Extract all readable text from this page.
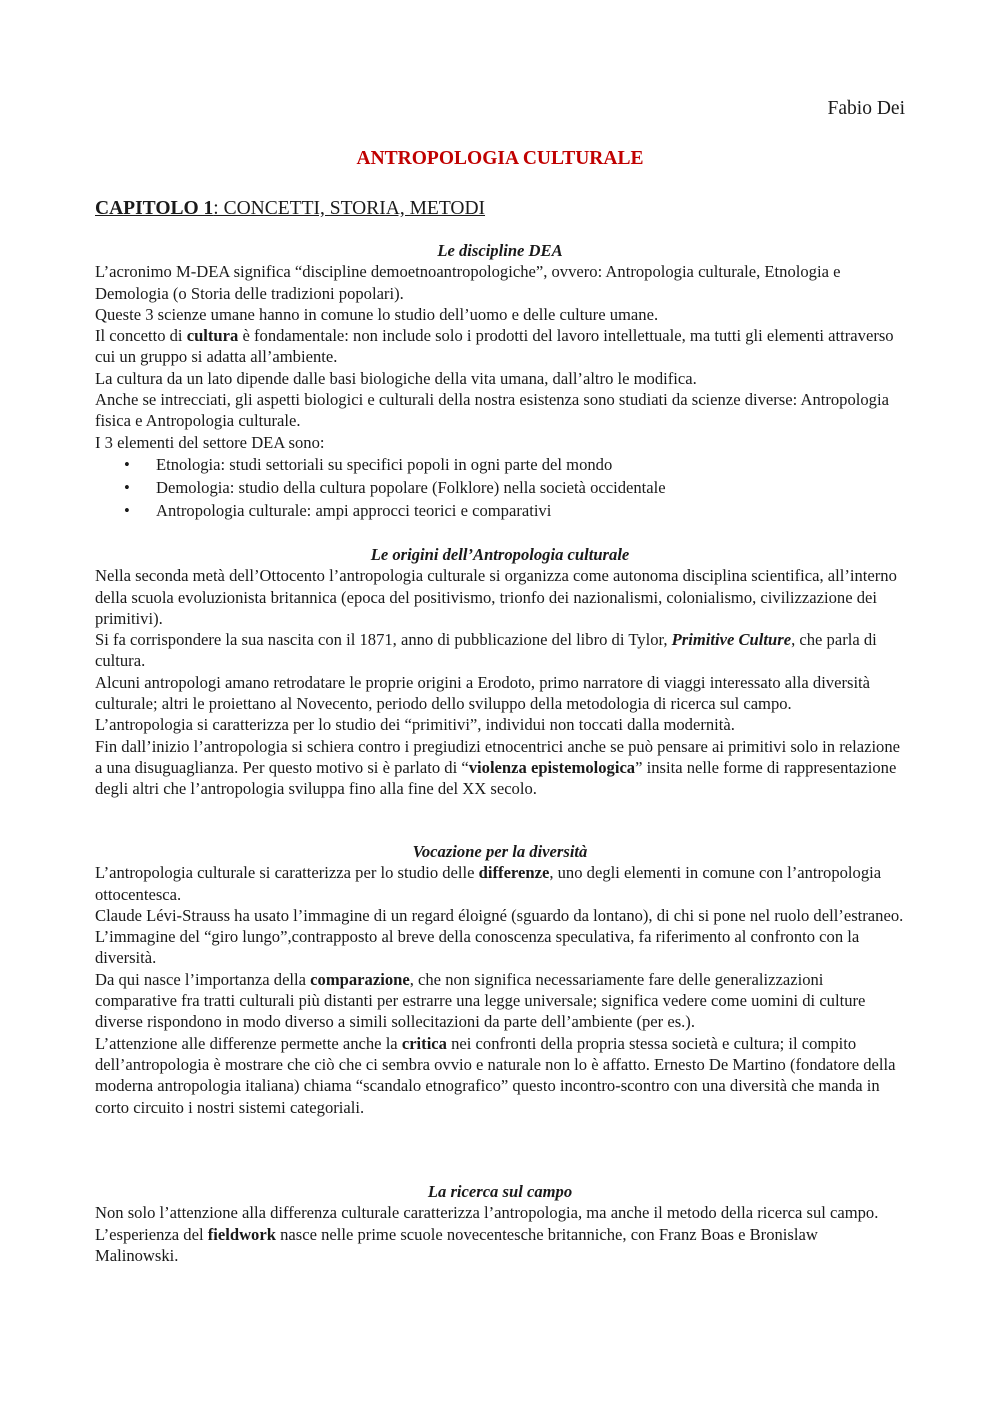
Fabio Dei
ANTROPOLOGIA CULTURALE
CAPITOLO 1: CONCETTI, STORIA, METODI

Le discipline DEA

L’acronimo M-DEA significa “discipline demoetnoantropologiche”, ovvero: Antropologia culturale, Etnologia e Demologia (o Storia delle tradizioni popolari).

Queste 3 scienze umane hanno in comune lo studio dell’uomo e delle culture umane.

Il concetto di cultura è fondamentale: non include solo i prodotti del lavoro intellettuale, ma tutti gli elementi attraverso cui un gruppo si adatta all’ambiente.

La cultura da un lato dipende dalle basi biologiche della vita umana, dall’altro le modifica.

Anche se intrecciati, gli aspetti biologici e culturali della nostra esistenza sono studiati da scienze diverse: Antropologia fisica e Antropologia culturale.

I 3 elementi del settore DEA sono:

• Etnologia: studi settoriali su specifici popoli in ogni parte del mondo
• Demologia: studio della cultura popolare (Folklore) nella società occidentale
• Antropologia culturale: ampi approcci teorici e comparativi

Le origini dell’Antropologia culturale

Nella seconda metà dell’Ottocento l’antropologia culturale si organizza come autonoma disciplina scientifica, all’interno della scuola evoluzionista britannica (epoca del positivismo, trionfo dei nazionalismi, colonialismo, civilizzazione dei primitivi).

Si fa corrispondere la sua nascita con il 1871, anno di pubblicazione del libro di Tylor, Primitive Culture, che parla di cultura.

Alcuni antropologi amano retrodatare le proprie origini a Erodoto, primo narratore di viaggi interessato alla diversità culturale; altri le proiettano al Novecento, periodo dello sviluppo della metodologia di ricerca sul campo.

L’antropologia si caratterizza per lo studio dei “primitivi”, individui non toccati dalla modernità.

Fin dall’inizio l’antropologia si schiera contro i pregiudizi etnocentrici anche se può pensare ai primitivi solo in relazione a una disuguaglianza. Per questo motivo si è parlato di “violenza epistemologica” insita nelle forme di rappresentazione degli altri che l’antropologia sviluppa fino alla fine del XX secolo.

Vocazione per la diversità

L’antropologia culturale si caratterizza per lo studio delle differenze, uno degli elementi in comune con l’antropologia ottocentesca.

Claude Lévi-Strauss ha usato l’immagine di un regard éloigné (sguardo da lontano), di chi si pone nel ruolo dell’estraneo.

L’immagine del “giro lungo”,contrapposto al breve della conoscenza speculativa, fa riferimento al confronto con la diversità.

Da qui nasce l’importanza della comparazione, che non significa necessariamente fare delle generalizzazioni comparative fra tratti culturali più distanti per estrarre una legge universale; significa vedere come uomini di culture diverse rispondono in modo diverso a simili sollecitazioni da parte dell’ambiente (per es.).

L’attenzione alle differenze permette anche la critica nei confronti della propria stessa società e cultura; il compito dell’antropologia è mostrare che ciò che ci sembra ovvio e naturale non lo è affatto. Ernesto De Martino (fondatore della moderna antropologia italiana) chiama “scandalo etnografico” questo incontro-scontro con una diversità che manda in corto circuito i nostri sistemi categoriali.

La ricerca sul campo

Non solo l’attenzione alla differenza culturale caratterizza l’antropologia, ma anche il metodo della ricerca sul campo. L’esperienza del fieldwork nasce nelle prime scuole novecentesche britanniche, con Franz Boas e Bronislaw Malinowski.
